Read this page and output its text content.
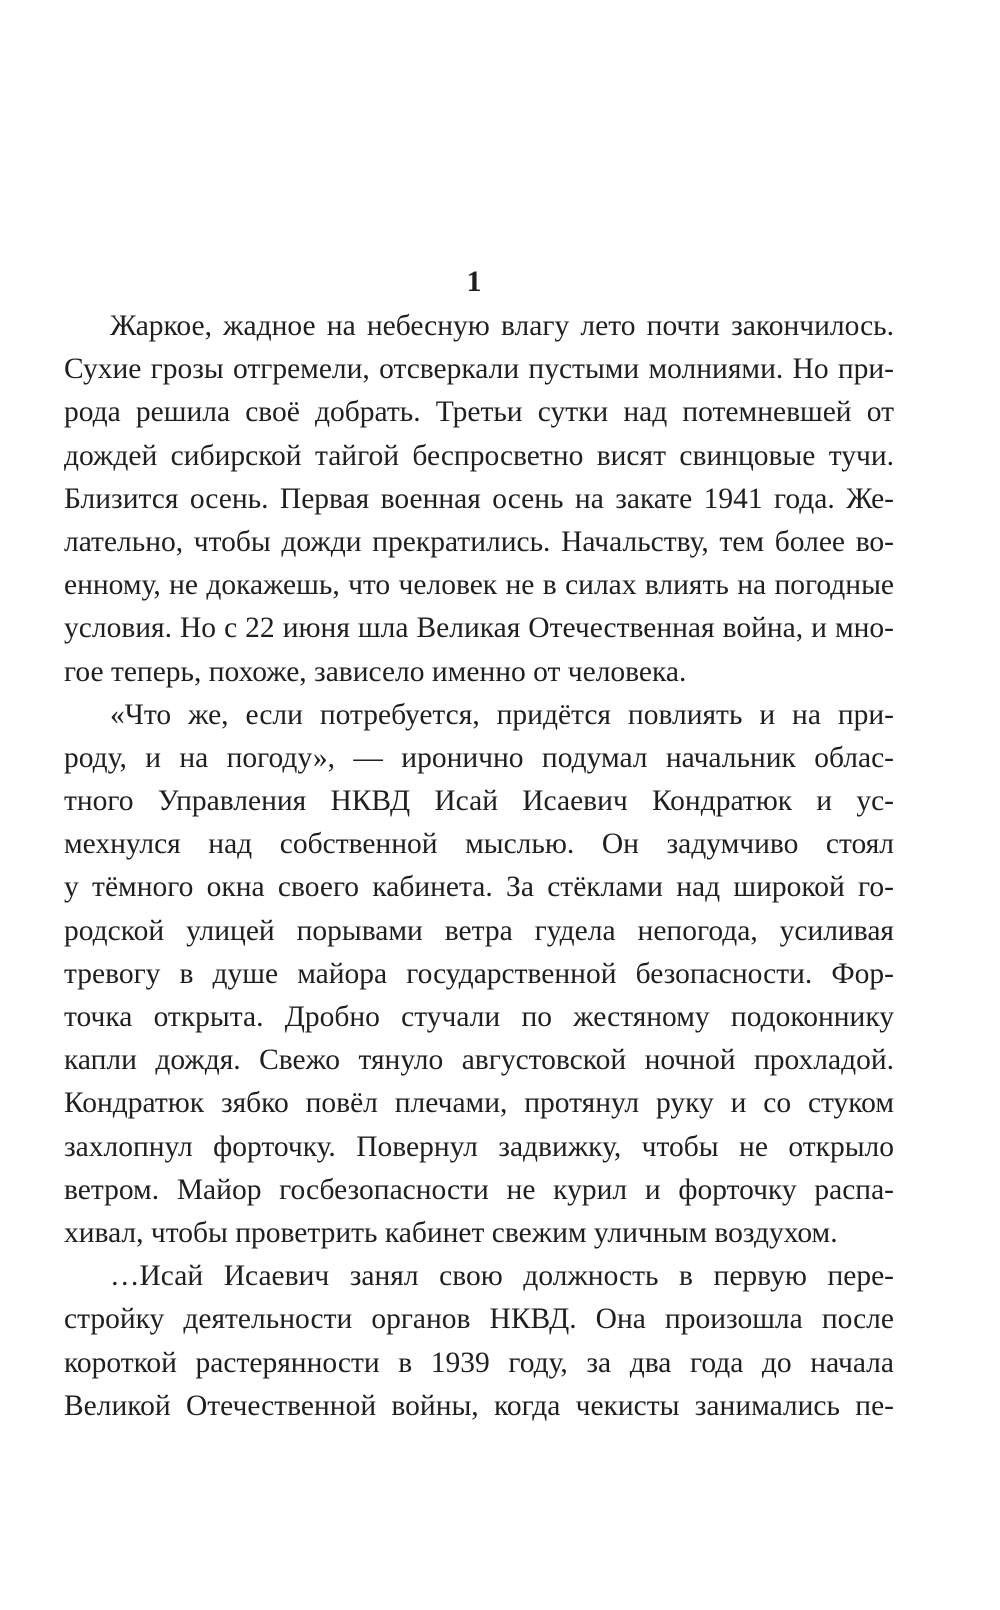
1
Жаркое, жадное на небесную влагу лето почти закончилось.
Сухие грозы отгремели, отсверкали пустыми молниями. Но при-
рода решила своё добрать. Третьи сутки над потемневшей от
дождей сибирской тайгой беспросветно висят свинцовые тучи.
Близится осень. Первая военная осень на закате 1941 года. Же-
лательно, чтобы дожди прекратились. Начальству, тем более во-
енному, не докажешь, что человек не в силах влиять на погодные
условия. Но с 22 июня шла Великая Отечественная война, и мно-
гое теперь, похоже, зависело именно от человека.
«Что же, если потребуется, придётся повлиять и на при-
роду, и на погоду», — иронично подумал начальник облас-
тного Управления НКВД Исай Исаевич Кондратюк и ус-
мехнулся над собственной мыслью. Он задумчиво стоял
у тёмного окна своего кабинета. За стёклами над широкой го-
родской улицей порывами ветра гудела непогода, усиливая
тревогу в душе майора государственной безопасности. Фор-
точка открыта. Дробно стучали по жестяному подоконнику
капли дождя. Свежо тянуло августовской ночной прохладой.
Кондратюк зябко повёл плечами, протянул руку и со стуком
захлопнул форточку. Повернул задвижку, чтобы не открыло
ветром. Майор госбезопасности не курил и форточку распа-
хивал, чтобы проветрить кабинет свежим уличным воздухом.
…Исай Исаевич занял свою должность в первую пере-
стройку деятельности органов НКВД. Она произошла после
короткой растерянности в 1939 году, за два года до начала
Великой Отечественной войны, когда чекисты занимались пе-
